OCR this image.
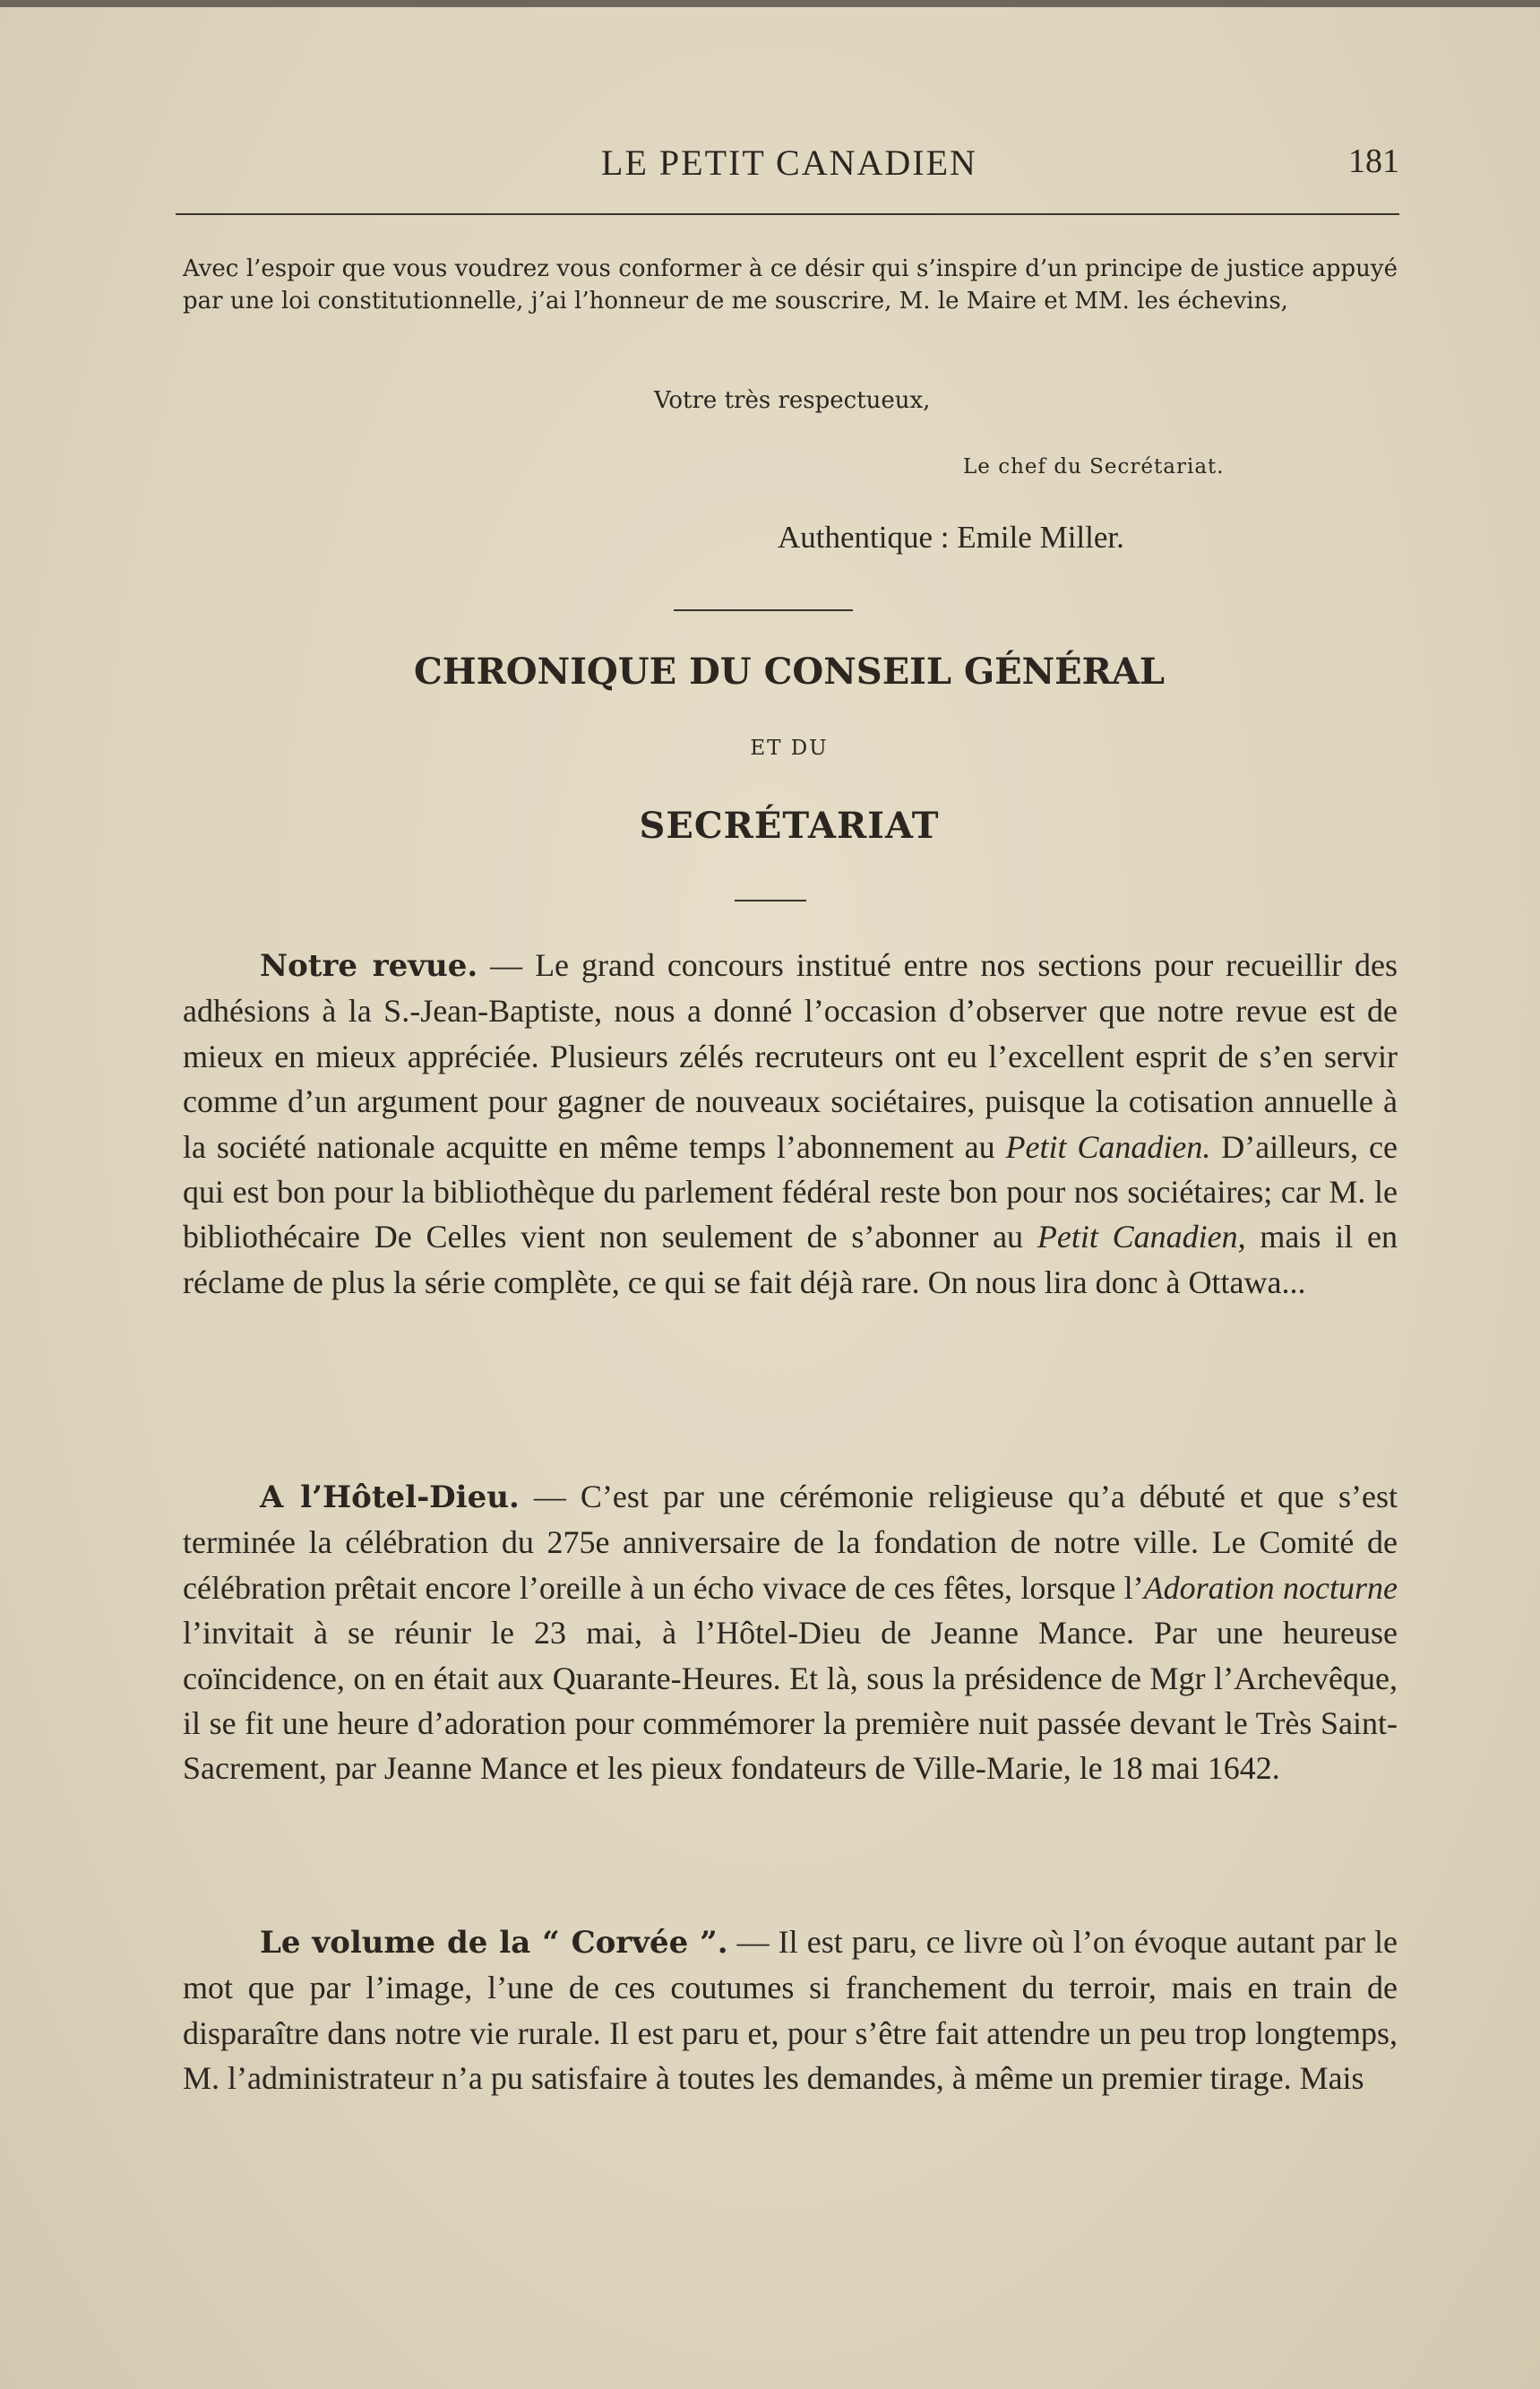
LE PETIT CANADIEN	181

Avec l’espoir que vous voudrez vous conformer à ce désir qui s’inspire d’un principe de justice appuyé par une loi constitutionnelle, j’ai l’honneur de me souscrire, M. le Maire et MM. les échevins,

Votre très respectueux,
Le chef du Secrétariat.
Authentique : Emile Miller.
CHRONIQUE DU CONSEIL GÉNÉRAL
ET DU
SECRÉTARIAT

Notre revue. — Le grand concours institué entre nos sections pour recueillir des adhésions à la S.-Jean-Baptiste, nous a donné l’occasion d’observer que notre revue est de mieux en mieux appréciée. Plusieurs zélés recruteurs ont eu l’excellent esprit de s’en servir comme d’un argument pour gagner de nouveaux sociétaires, puisque la cotisation annuelle à la société nationale acquitte en même temps l’abonnement au Petit Canadien. D’ailleurs, ce qui est bon pour la bibliothèque du parlement fédéral reste bon pour nos sociétaires; car M. le bibliothécaire De Celles vient non seulement de s’abonner au Petit Canadien, mais il en réclame de plus la série complète, ce qui se fait déjà rare. On nous lira donc à Ottawa...

A l’Hôtel-Dieu. — C’est par une cérémonie religieuse qu’a débuté et que s’est terminée la célébration du 275e anniversaire de la fondation de notre ville. Le Comité de célébration prêtait encore l’oreille à un écho vivace de ces fêtes, lorsque l’Adoration nocturne l’invitait à se réunir le 23 mai, à l’Hôtel-Dieu de Jeanne Mance. Par une heureuse coïncidence, on en était aux Quarante-Heures. Et là, sous la présidence de Mgr l’Archevêque, il se fit une heure d’adoration pour commémorer la première nuit passée devant le Très Saint-Sacrement, par Jeanne Mance et les pieux fondateurs de Ville-Marie, le 18 mai 1642.

Le volume de la “ Corvée ”. — Il est paru, ce livre où l’on évoque autant par le mot que par l’image, l’une de ces coutumes si franchement du terroir, mais en train de disparaître dans notre vie rurale. Il est paru et, pour s’être fait attendre un peu trop longtemps, M. l’administrateur n’a pu satisfaire à toutes les demandes, à même un premier tirage. Mais
